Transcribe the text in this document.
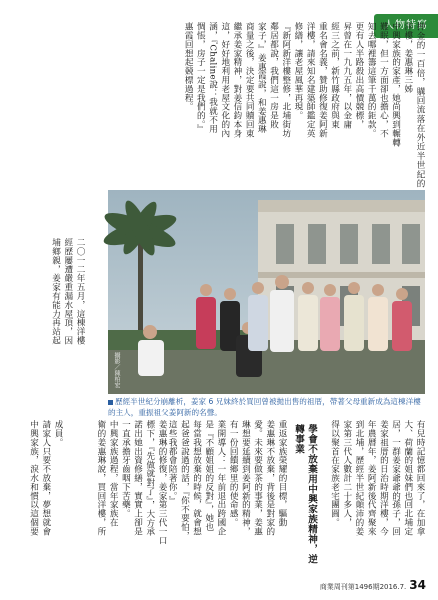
人物特寫
押金的一百倍，購回流落在外近半世紀的洋樓，姜惠琳三姊
中興家族的家產，她尚興到輾轉
難眠，但一方面卻也擔心，不
知去哪裡籌這筆千萬的鉅款。
更有人半路殺出高價競標，
昇曾在一九九五年，以金庸
經三之前，新竹縣政府與東
重名會名義，贊助修復姜阿新
洋樓，請來知名建築師鑑定英
修繕，讓老屋風華再現。
『新阿新洋樓整修，北埔街坊
鄰居都說，我們這一房是敗
家子，』姜惠霞說，和姜惠琳
商量之後，決定要共同贖回東
繼承姜家精神，對姜信鈞本身
這，好好地利用老屋文化的內
涵，『Chaline說：我就不用
惆悵，房子一定是我們的。』
惠霞回想起競標過程。
二〇一二年五月，這棟洋樓
經歷屢遭嚴重漏水屋頂，因
埔鄉親，姜家有能力再站起
攝影／陳柏宏
歷經半世紀分崩離析，姜家 6 兄妹終於買回曾被拋出售的祖厝，帶著父母重新成為這棟洋樓的主人，重振祖父姜阿新的名聲。
有兒時記憶都回來了，在加拿
大、荷蘭的姐妹們也回北埔定
居，一群姜家爺爺的孫子，回
姜家祖厝的日治時期洋樓，今
年農曆年，姜阿新後代齊聚來
到北埔，歷經半世紀顛沛的姜
家第三代人數計二十多人，
得以聚首在家族老宅團圓。
學會不放棄用中興家族精神，逆轉事業
重返家族榮耀的目標，驅動
姜惠琳不放棄，背後是對家的
愛。未來要做茶的事業，姜惠
琳想要延續到姜阿新的精神，
有一份回饋鄉里的使命感。
業開導人：一年前退出跨國企
是『不顧姐姐的反對』，她也
每當我想放棄的時候，就會想
起爸爸說過的話，『你不要怕，
這些我都會陪著你。』
成員。
請家人只要不放棄，夢想就會
中興家族，淚水和慣以這個要	姜惠琳的修復，姜家第三代一口
標下，『先做就對了』，大方承
諾出她出資修繕，實實上卻是
一直承擔牙齒咽下苦藥。
中興家族過程，當年家族在
衛的姜惠琳說，買回洋樓，所
商業周刊第1496期2016.7. 34
